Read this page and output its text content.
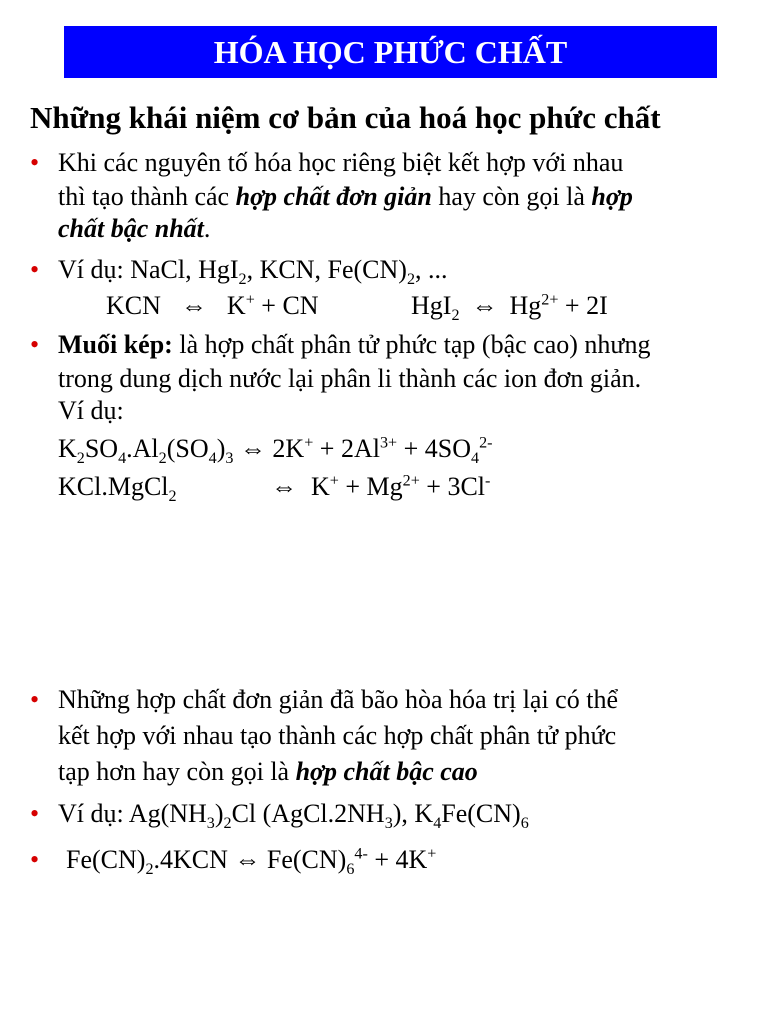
HÓA HỌC PHỨC CHẤT
Những khái niệm cơ bản của hoá học phức chất
• Khi các nguyên tố hóa học riêng biệt kết hợp với nhau
thì tạo thành các hợp chất đơn giản hay còn gọi là hợp
chất bậc nhất.
• Ví dụ: NaCl, HgI$_2$, KCN, $Fe(CN)_2$, ...
KCN ⇔ K+ + CN	HgI$_2$ ⇔ $Hg^{2+} + 2I$
• Muối kép: là hợp chất phân tử phức tạp (bậc cao) nhưng
trong dung dịch nước lại phân li thành các ion đơn giản.
Ví dụ:
$K_2SO_4.Al_2(SO_4)_3$ ⇔ $2K^+ + 2Al^{3+} + 4SO_4^{2-}$
KCl.MgCl$_2$	⇔ $K^+ + Mg^{2+} + 3Cl^-$
• Những hợp chất đơn giản đã bão hòa hóa trị lại có thể
kết hợp với nhau tạo thành các hợp chất phân tử phức
tạp hơn hay còn gọi là hợp chất bậc cao
• Ví dụ: $Ag(NH_3)_2Cl$ $(AgCl.2NH_3)$, $K_4Fe(CN)_6$
• $Fe(CN)_2.4KCN$ ⇔ $Fe(CN)_6^{4-} + 4K^+$
